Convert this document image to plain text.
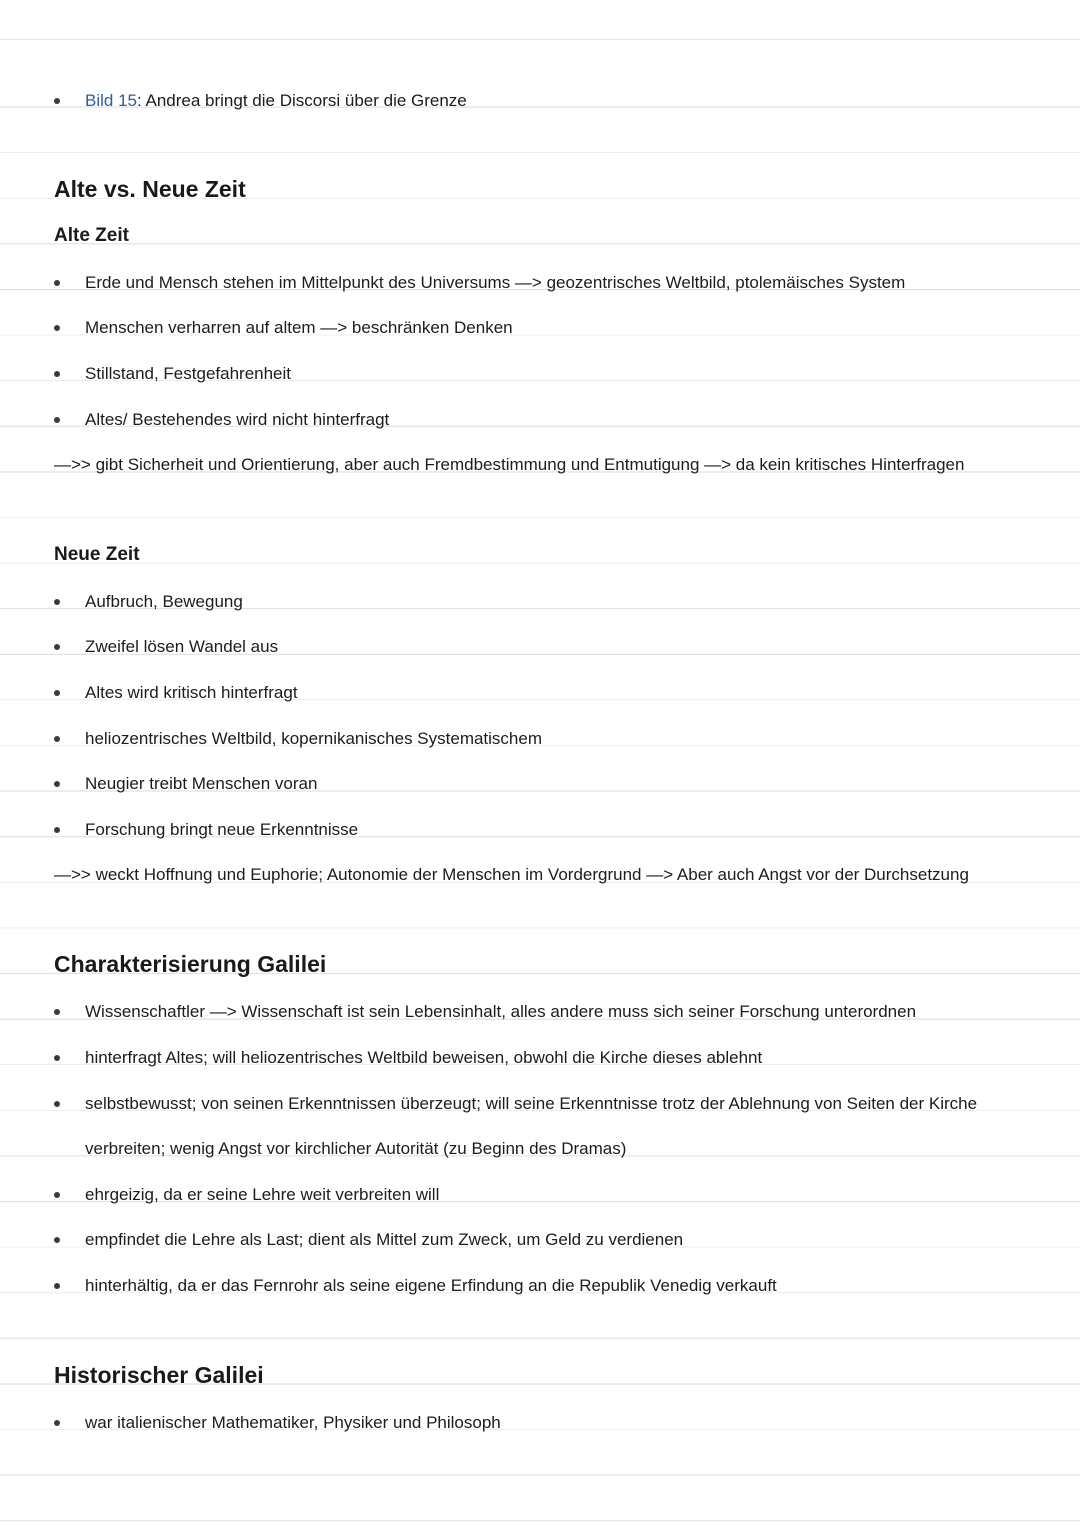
Bild 15: Andrea bringt die Discorsi über die Grenze
Alte vs. Neue Zeit
Alte Zeit
Erde und Mensch stehen im Mittelpunkt des Universums —> geozentrisches Weltbild, ptolemäisches System
Menschen verharren auf altem —> beschränken Denken
Stillstand, Festgefahrenheit
Altes/ Bestehendes wird nicht hinterfragt
—>> gibt Sicherheit und Orientierung, aber auch Fremdbestimmung und Entmutigung —> da kein kritisches Hinterfragen
Neue Zeit
Aufbruch, Bewegung
Zweifel lösen Wandel aus
Altes wird kritisch hinterfragt
heliozentrisches Weltbild, kopernikanisches Systematischem
Neugier treibt Menschen voran
Forschung bringt neue Erkenntnisse
—>> weckt Hoffnung und Euphorie; Autonomie der Menschen im Vordergrund —> Aber auch Angst vor der Durchsetzung
Charakterisierung Galilei
Wissenschaftler —> Wissenschaft ist sein Lebensinhalt, alles andere muss sich seiner Forschung unterordnen
hinterfragt Altes; will heliozentrisches Weltbild beweisen, obwohl die Kirche dieses ablehnt
selbstbewusst; von seinen Erkenntnissen überzeugt; will seine Erkenntnisse trotz der Ablehnung von Seiten der Kirche
verbreiten; wenig Angst vor kirchlicher Autorität (zu Beginn des Dramas)
ehrgeizig, da er seine Lehre weit verbreiten will
empfindet die Lehre als Last; dient als Mittel zum Zweck, um Geld zu verdienen
hinterhältig, da er das Fernrohr als seine eigene Erfindung an die Republik Venedig verkauft
Historischer Galilei
war italienischer Mathematiker, Physiker und Philosoph
